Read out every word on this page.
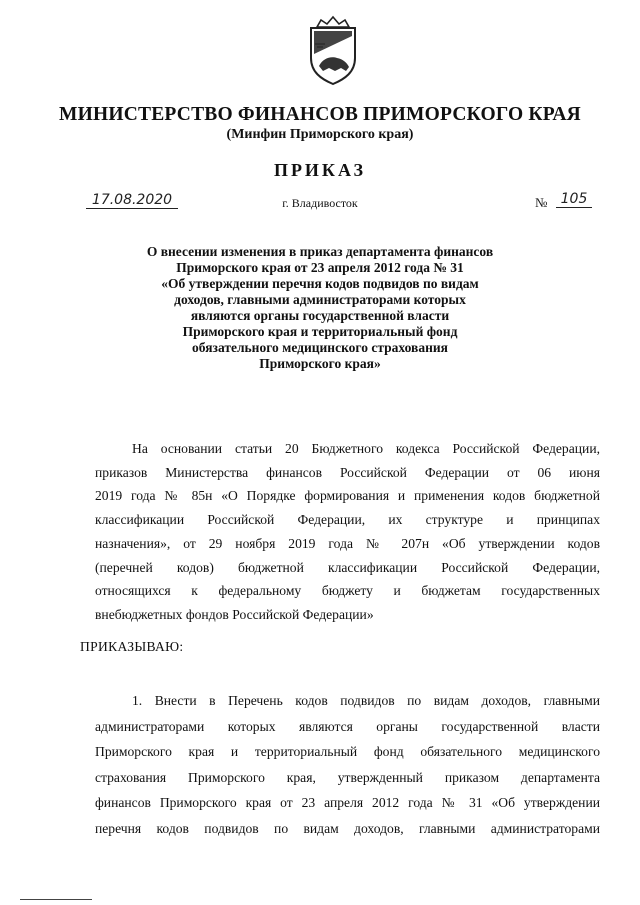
МИНИСТЕРСТВО ФИНАНСОВ ПРИМОРСКОГО КРАЯ
(Минфин Приморского края)
ПРИКАЗ
17.08.2020	г. Владивосток	№ 105
О внесении изменения в приказ департамента финансов
Приморского края от 23 апреля 2012 года № 31
«Об утверждении перечня кодов подвидов по видам
доходов, главными администраторами которых
являются органы государственной власти
Приморского края и территориальный фонд
обязательного медицинского страхования
Приморского края»
На основании статьи 20 Бюджетного кодекса Российской Федерации,
приказов Министерства финансов Российской Федерации от 06 июня
2019 года № 85н «О Порядке формирования и применения кодов бюджетной
классификации Российской Федерации, их структуре и принципах
назначения», от 29 ноября 2019 года № 207н «Об утверждении кодов
(перечней кодов) бюджетной классификации Российской Федерации,
относящихся к федеральному бюджету и бюджетам государственных
внебюджетных фондов Российской Федерации»
ПРИКАЗЫВАЮ:
1. Внести в Перечень кодов подвидов по видам доходов, главными
администраторами которых являются органы государственной власти
Приморского края и территориальный фонд обязательного медицинского
страхования Приморского края, утвержденный приказом департамента
финансов Приморского края от 23 апреля 2012 года № 31 «Об утверждении
перечня кодов подвидов по видам доходов, главными администраторами
